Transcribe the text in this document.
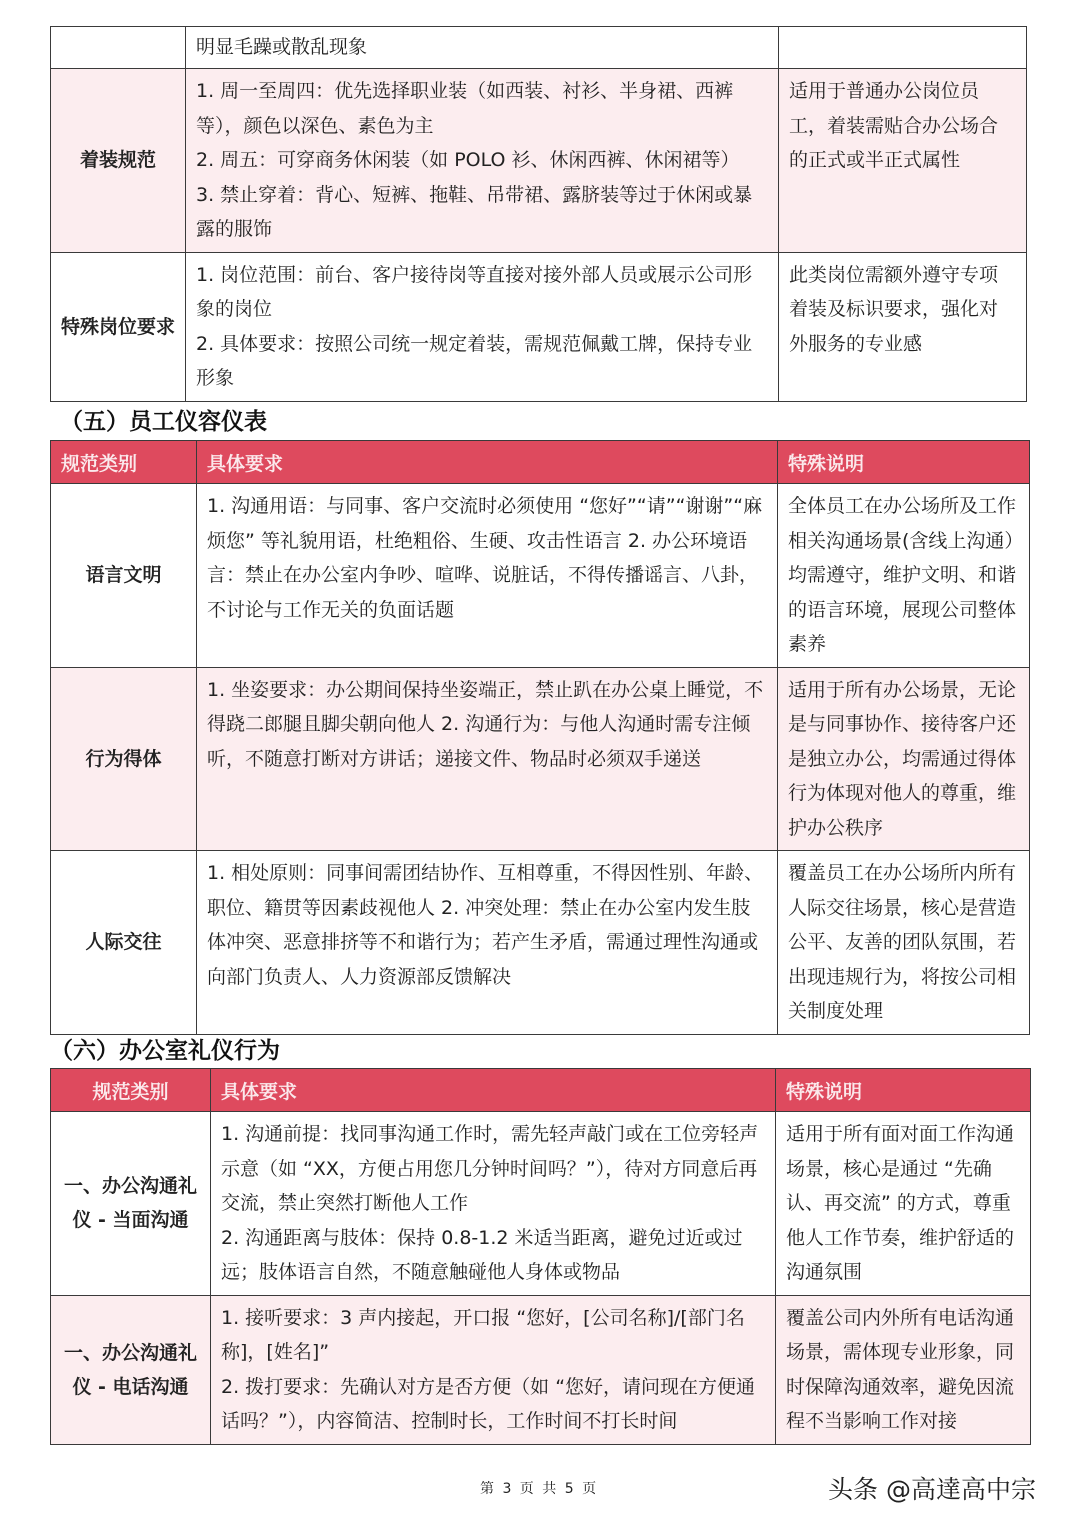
	明显毛躁或散乱现象	
着装规范	1. 周一至周四：优先选择职业装（如西装、衬衫、半身裙、西裤等），颜色以深色、素色为主
2. 周五：可穿商务休闲装（如 POLO 衫、休闲西裤、休闲裙等）
3. 禁止穿着：背心、短裤、拖鞋、吊带裙、露脐装等过于休闲或暴露的服饰	适用于普通办公岗位员工，着装需贴合办公场合的正式或半正式属性
特殊岗位要求	1. 岗位范围：前台、客户接待岗等直接对接外部人员或展示公司形象的岗位
2. 具体要求：按照公司统一规定着装，需规范佩戴工牌，保持专业形象	此类岗位需额外遵守专项着装及标识要求，强化对外服务的专业感
（五）员工仪容仪表
规范类别	具体要求	特殊说明
语言文明	1. 沟通用语：与同事、客户交流时必须使用 “您好”“请”“谢谢”“麻烦您” 等礼貌用语，杜绝粗俗、生硬、攻击性语言 2. 办公环境语言：禁止在办公室内争吵、喧哗、说脏话，不得传播谣言、八卦，不讨论与工作无关的负面话题	全体员工在办公场所及工作相关沟通场景(含线上沟通）均需遵守，维护文明、和谐的语言环境，展现公司整体素养
行为得体	1. 坐姿要求：办公期间保持坐姿端正，禁止趴在办公桌上睡觉，不得跷二郎腿且脚尖朝向他人 2. 沟通行为：与他人沟通时需专注倾听，不随意打断对方讲话；递接文件、物品时必须双手递送	适用于所有办公场景，无论是与同事协作、接待客户还是独立办公，均需通过得体行为体现对他人的尊重，维护办公秩序
人际交往	1. 相处原则：同事间需团结协作、互相尊重，不得因性别、年龄、职位、籍贯等因素歧视他人 2. 冲突处理：禁止在办公室内发生肢体冲突、恶意排挤等不和谐行为；若产生矛盾，需通过理性沟通或向部门负责人、人力资源部反馈解决	覆盖员工在办公场所内所有人际交往场景，核心是营造公平、友善的团队氛围，若出现违规行为，将按公司相关制度处理
（六）办公室礼仪行为
规范类别	具体要求	特殊说明
一、办公沟通礼仪 - 当面沟通	1. 沟通前提：找同事沟通工作时，需先轻声敲门或在工位旁轻声示意（如 “XX，方便占用您几分钟时间吗？”），待对方同意后再交流，禁止突然打断他人工作
2. 沟通距离与肢体：保持 0.8-1.2 米适当距离，避免过近或过远；肢体语言自然，不随意触碰他人身体或物品	适用于所有面对面工作沟通场景，核心是通过 “先确认、再交流” 的方式，尊重他人工作节奏，维护舒适的沟通氛围
一、办公沟通礼仪 - 电话沟通	1. 接听要求：3 声内接起，开口报 “您好，[公司名称]/[部门名称]，[姓名]”
2. 拨打要求：先确认对方是否方便（如 “您好，请问现在方便通话吗？”），内容简洁、控制时长，工作时间不打长时间	覆盖公司内外所有电话沟通场景，需体现专业形象，同时保障沟通效率，避免因流程不当影响工作对接
第 3 页 共 5 页	头条 @高達高中宗
